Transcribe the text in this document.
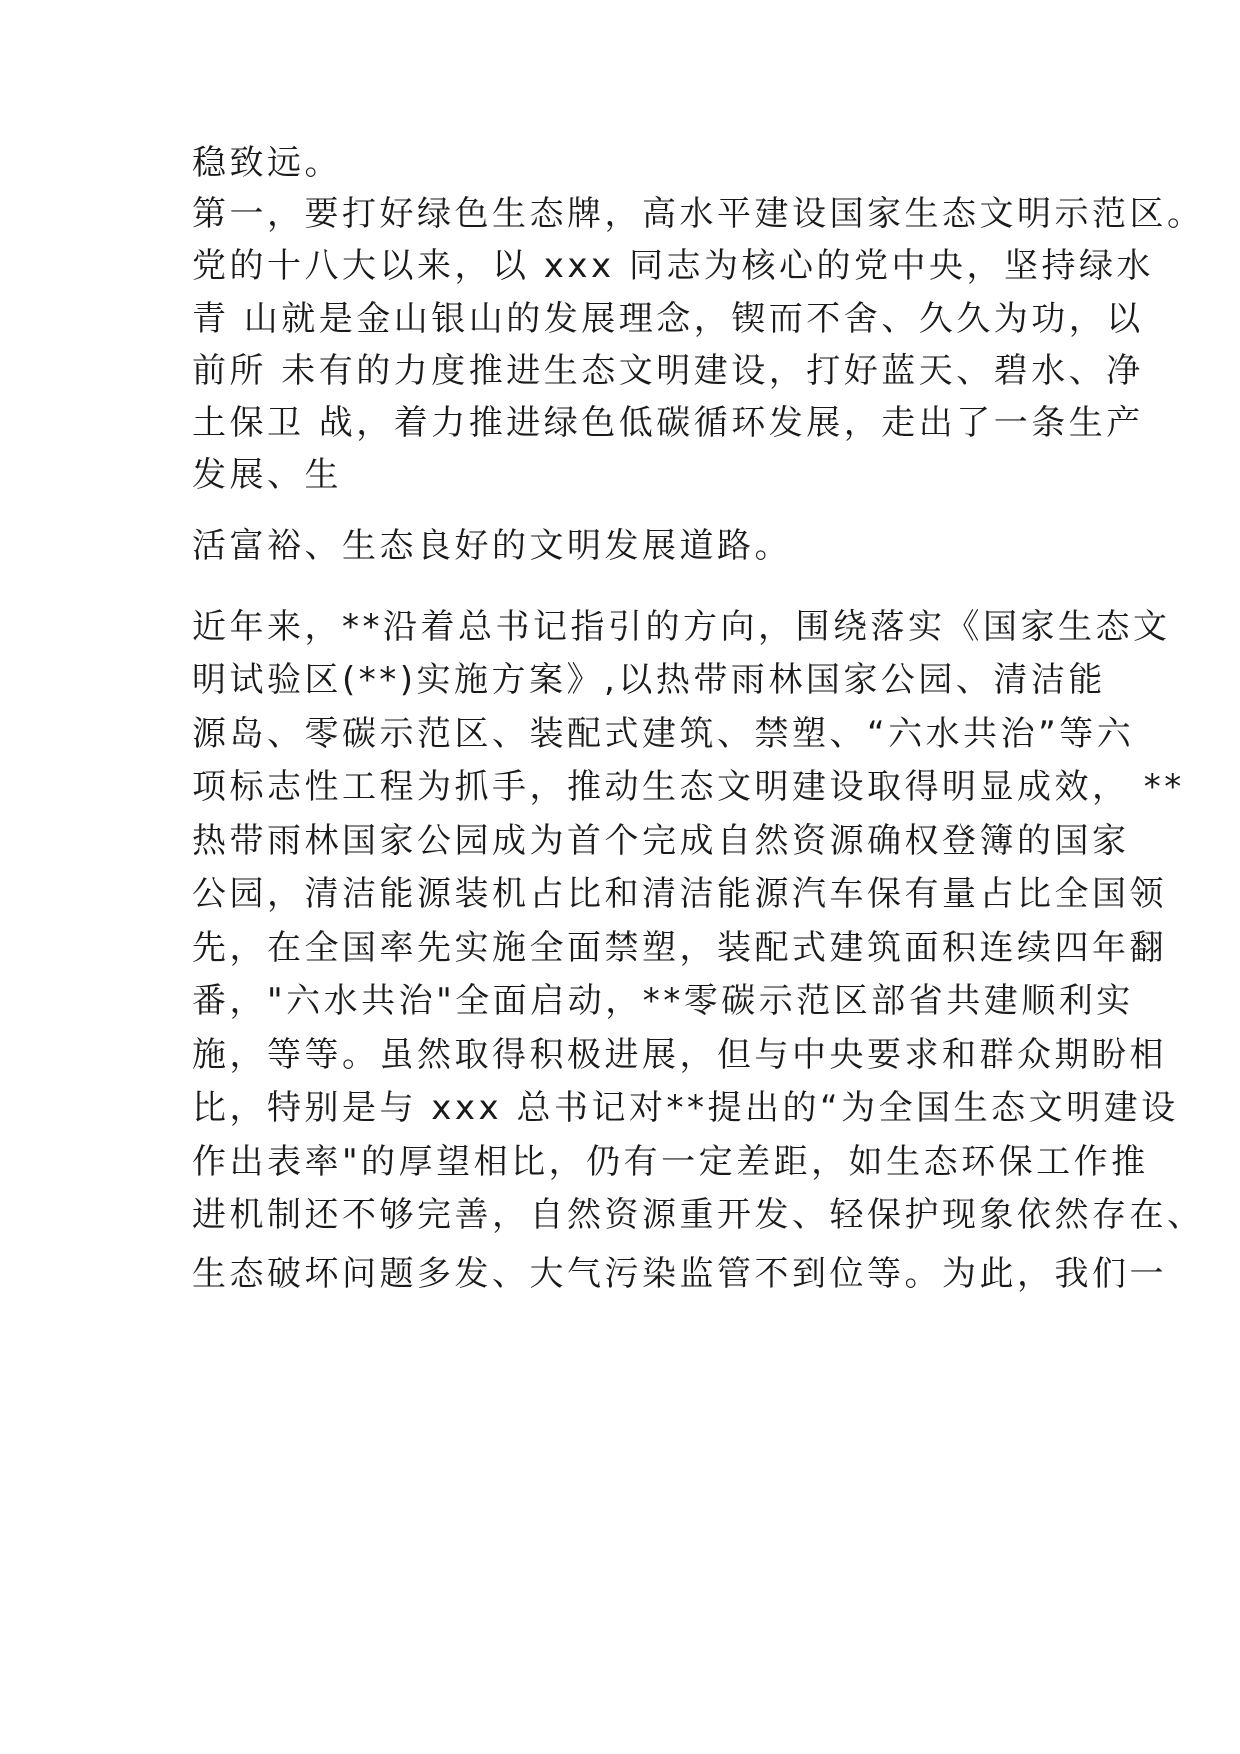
稳致远。
第一，要打好绿色生态牌，高水平建设国家生态文明示范区。
党的十八大以来，以 xxx 同志为核心的党中央，坚持绿水
青 山就是金山银山的发展理念，锲而不舍、久久为功，以
前所 未有的力度推进生态文明建设，打好蓝天、碧水、净
土保卫 战，着力推进绿色低碳循环发展，走出了一条生产
发展、生
活富裕、生态良好的文明发展道路。
近年来，**沿着总书记指引的方向，围绕落实《国家生态文
明试验区(**)实施方案》,以热带雨林国家公园、清洁能
源岛、零碳示范区、装配式建筑、禁塑、“六水共治”等六
项标志性工程为抓手，推动生态文明建设取得明显成效， **
热带雨林国家公园成为首个完成自然资源确权登簿的国家
公园，清洁能源装机占比和清洁能源汽车保有量占比全国领
先，在全国率先实施全面禁塑，装配式建筑面积连续四年翻
番，"六水共治"全面启动，**零碳示范区部省共建顺利实
施，等等。虽然取得积极进展，但与中央要求和群众期盼相
比，特别是与 xxx 总书记对**提出的“为全国生态文明建设
作出表率"的厚望相比，仍有一定差距，如生态环保工作推
进机制还不够完善，自然资源重开发、轻保护现象依然存在、
生态破坏问题多发、大气污染监管不到位等。为此，我们一
